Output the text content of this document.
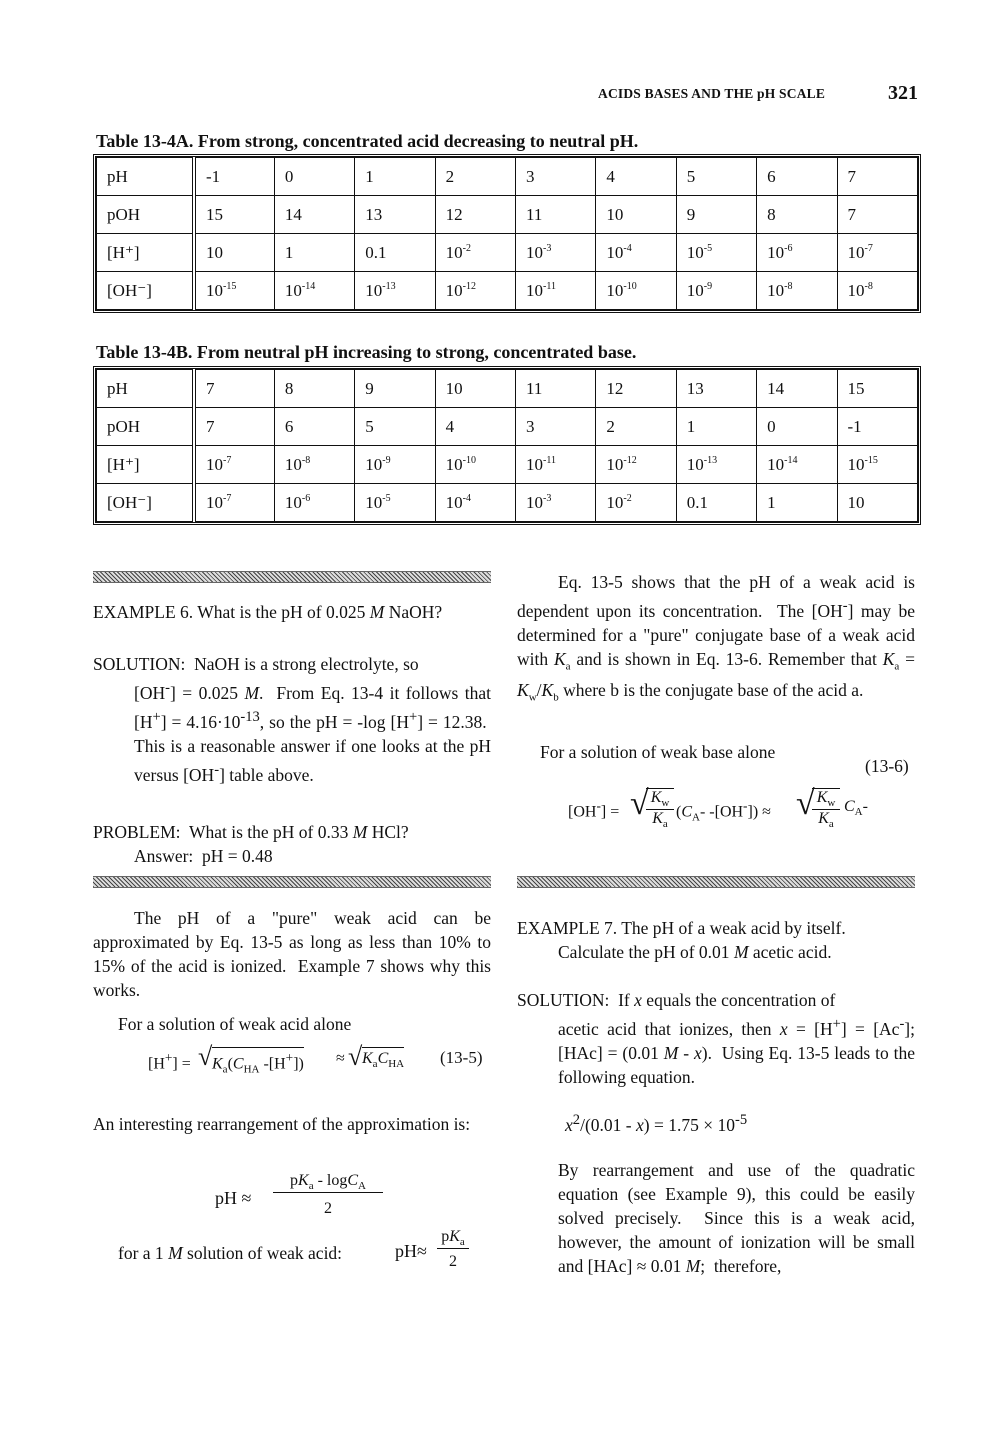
ACIDS BASES AND THE pH SCALE	321
Table 13-4A. From strong, concentrated acid decreasing to neutral pH.
pH	-1	0	1	2	3	4	5	6	7
pOH	15	14	13	12	11	10	9	8	7
[H⁺]	10	1	0.1	$10^{-2}$	$10^{-3}$	$10^{-4}$	$10^{-5}$	$10^{-6}$	$10^{-7}$
[OH⁻]	$10^{-15}$	$10^{-14}$	$10^{-13}$	$10^{-12}$	$10^{-11}$	$10^{-10}$	$10^{-9}$	$10^{-8}$	$10^{-8}$
Table 13-4B. From neutral pH increasing to strong, concentrated base.
pH	7	8	9	10	11	12	13	14	15
pOH	7	6	5	4	3	2	1	0	-1
[H⁺]	$10^{-7}$	$10^{-8}$	$10^{-9}$	$10^{-10}$	$10^{-11}$	$10^{-12}$	$10^{-13}$	$10^{-14}$	$10^{-15}$
[OH⁻]	$10^{-7}$	$10^{-6}$	$10^{-5}$	$10^{-4}$	$10^{-3}$	$10^{-2}$	0.1	1	10

EXAMPLE 6. What is the pH of 0.025 M NaOH?

SOLUTION:  NaOH is a strong electrolyte, so

[OH-] = 0.025 M.  From Eq. 13-4 it follows that $[H^+] = 4.16\cdot 10^{-13}$, so the pH = -log [H+] = 12.38.  This is a reasonable answer if one looks at the pH versus [OH-] table above.

PROBLEM:  What is the pH of 0.33 M HCl?

Answer:  pH = 0.48

The pH of a "pure" weak acid can be approximated by Eq. 13-5 as long as less than 10% to 15% of the acid is ionized.  Example 7 shows why this works.

For a solution of weak acid alone
[H+] = √ $K_a(C_{HA}$ -[H+]) ≈ √ $K_aC_{HA}$ (13-5)
An interesting rearrangement of the approximation is:
pH ≈
$pK_a - \log C_A$
2
for a 1 M solution of weak acid:	pH≈
$pK_a$
2

Eq. 13-5 shows that the pH of a weak acid is dependent upon its concentration.  The [OH-] may be determined for a "pure" conjugate base of a weak acid with $K_a$ and is shown in Eq. 13-6. Remember that $K_a = K_w/K_b$ where b is the conjugate base of the acid a.

For a solution of weak base alone
(13-6)
[OH-] = √ $K_w$
$K_a$
($C_A-$ -[OH-]) ≈ √ $K_w$
$K_a$
$C_A-$

EXAMPLE 7. The pH of a weak acid by itself.

Calculate the pH of 0.01 M acetic acid.

SOLUTION:  If x equals the concentration of

acetic acid that ionizes, then x = [H+] = [Ac-]; [HAc] = (0.01 M - x).  Using Eq. 13-5 leads to the following equation.

$x^2/(0.01 - x) = 1.75 \times 10^{-5}$

By rearrangement and use of the quadratic equation (see Example 9), this could be easily solved precisely.  Since this is a weak acid, however, the amount of ionization will be small and [HAc] ≈ 0.01 M;  therefore,
